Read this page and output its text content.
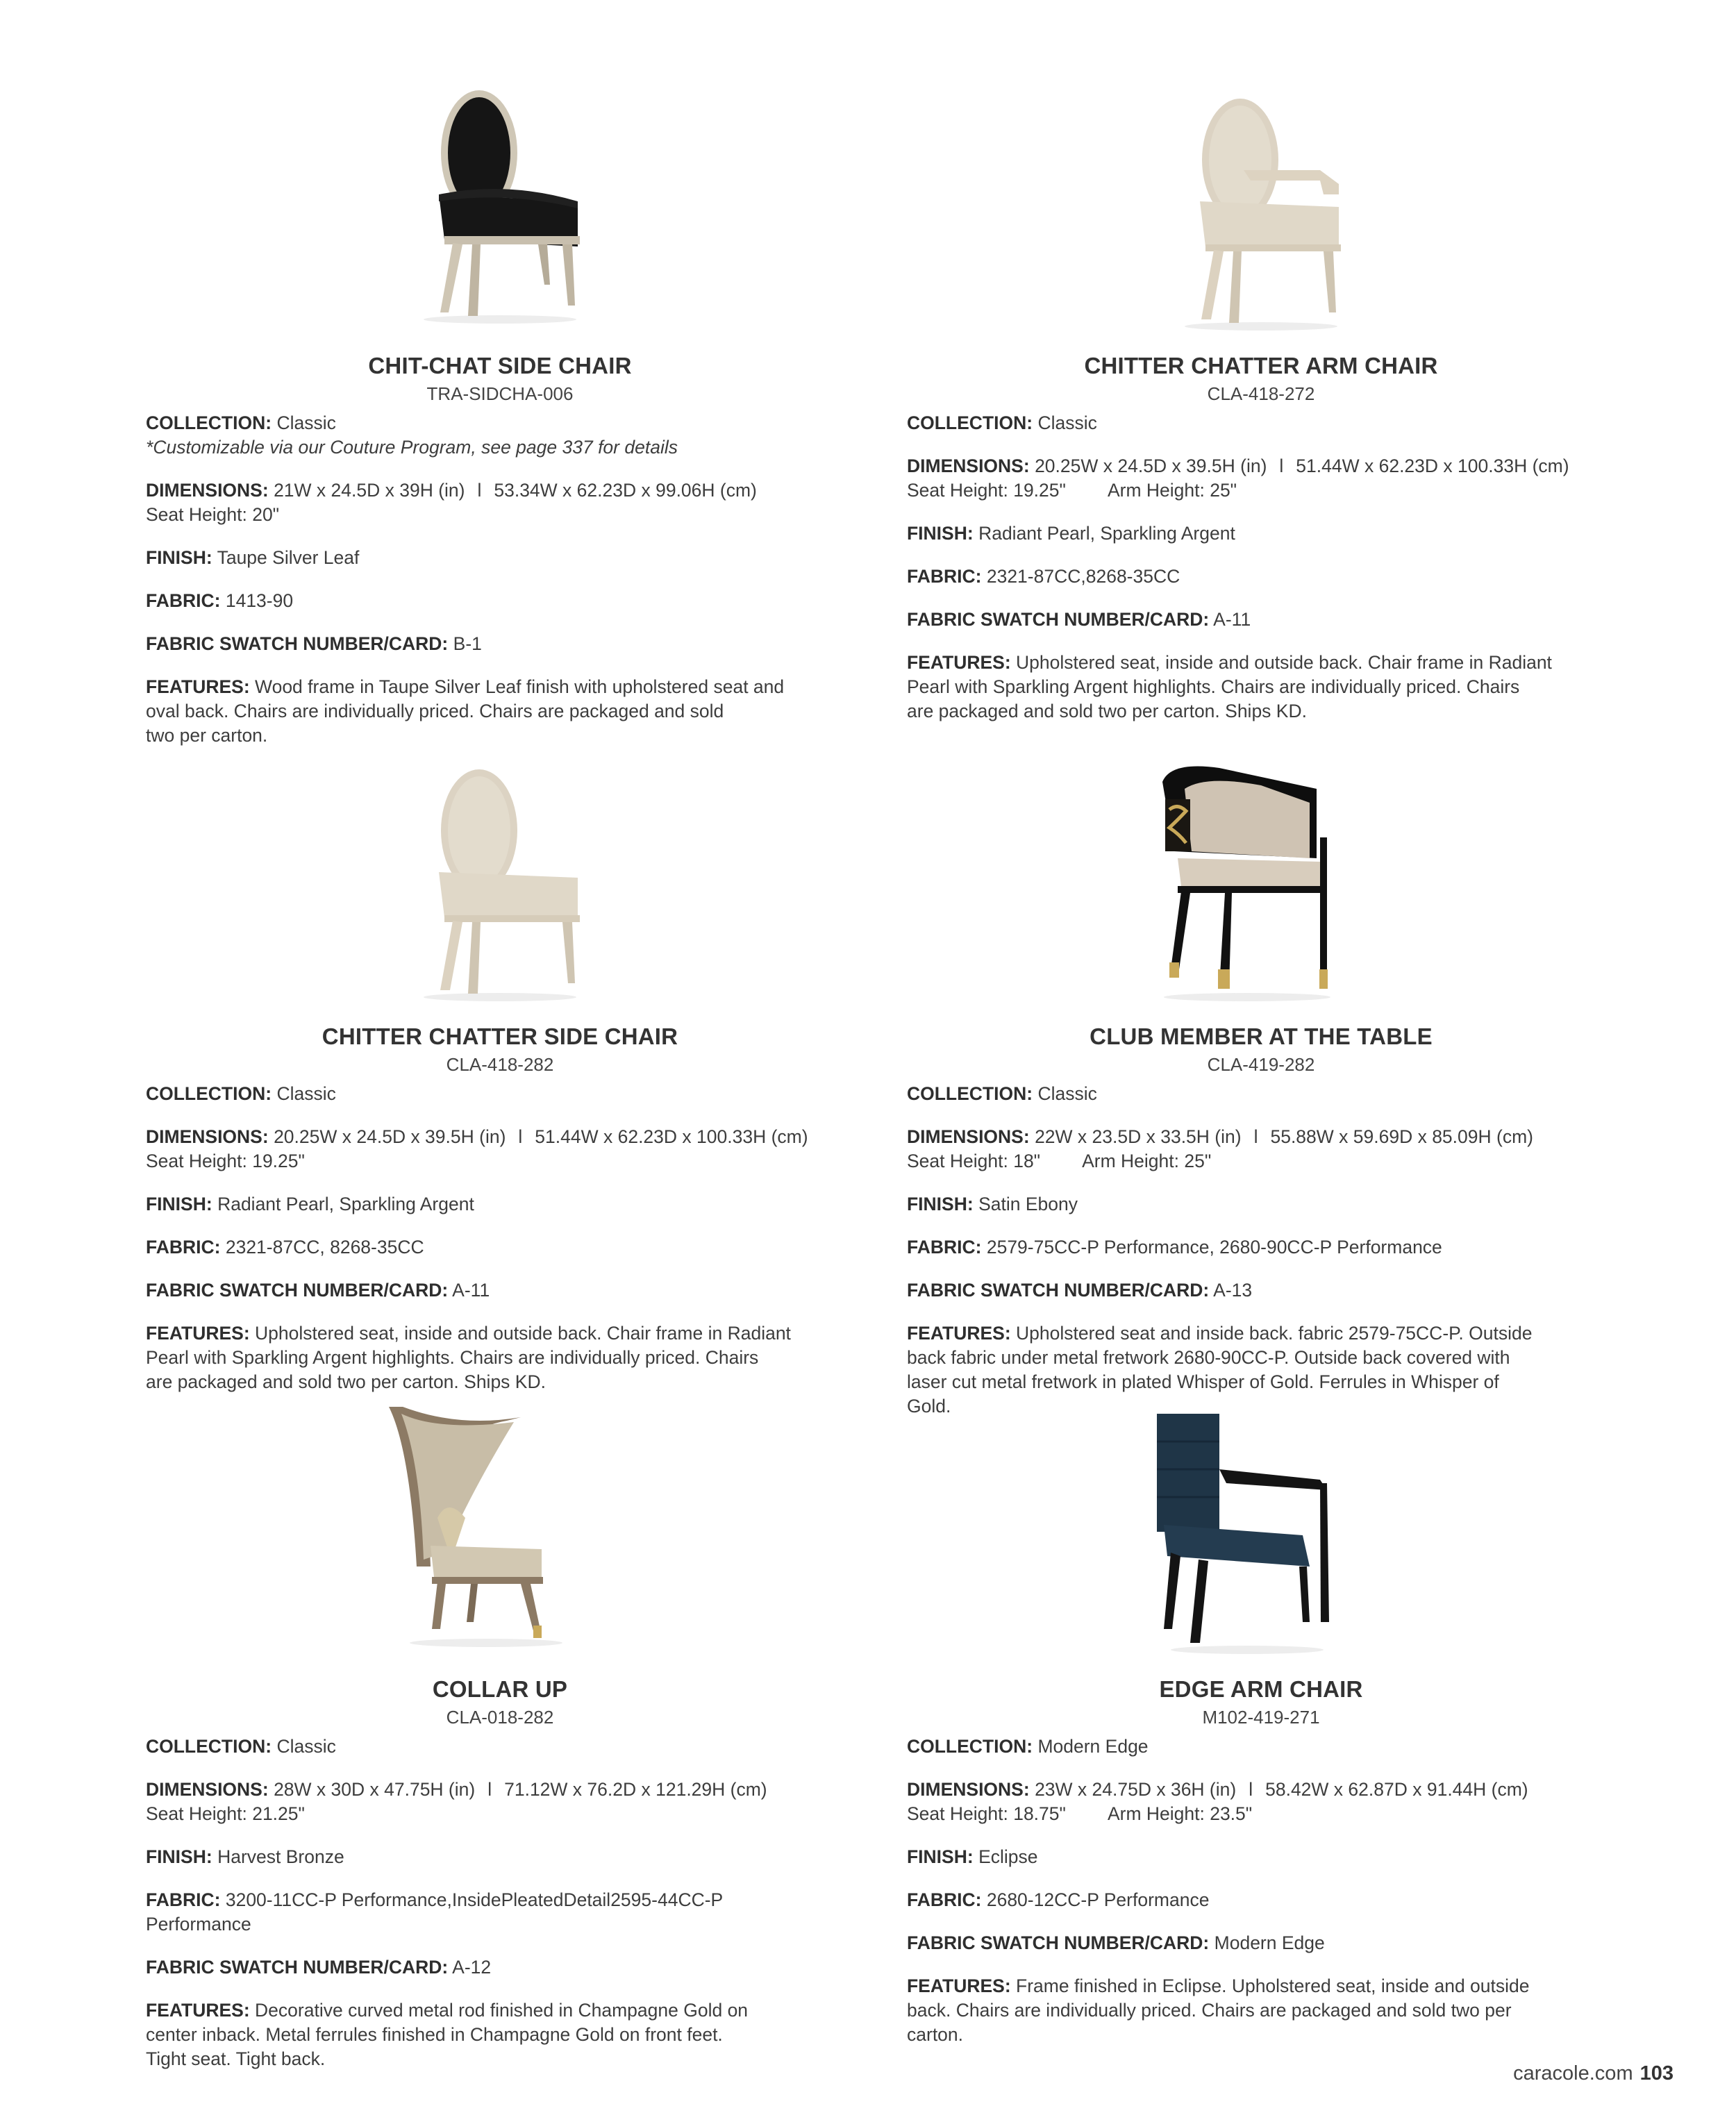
CHIT-CHAT SIDE CHAIR
TRA-SIDCHA-006

COLLECTION: Classic

*Customizable via our Couture Program, see page 337 for details

DIMENSIONS: 21W x 24.5D x 39H (in) l 53.34W x 62.23D x 99.06H (cm)

Seat Height: 20"

FINISH: Taupe Silver Leaf

FABRIC: 1413-90

FABRIC SWATCH NUMBER/CARD: B-1

FEATURES: Wood frame in Taupe Silver Leaf finish with upholstered seat and

oval back. Chairs are individually priced. Chairs are packaged and sold

two per carton.

CHITTER CHATTER ARM CHAIR
CLA-418-272

COLLECTION: Classic

DIMENSIONS: 20.25W x 24.5D x 39.5H (in) l 51.44W x 62.23D x 100.33H (cm)

Seat Height: 19.25" Arm Height: 25"

FINISH: Radiant Pearl, Sparkling Argent

FABRIC: 2321-87CC,8268-35CC

FABRIC SWATCH NUMBER/CARD: A-11

FEATURES: Upholstered seat, inside and outside back. Chair frame in Radiant

Pearl with Sparkling Argent highlights. Chairs are individually priced. Chairs

are packaged and sold two per carton. Ships KD.

CHITTER CHATTER SIDE CHAIR
CLA-418-282

COLLECTION: Classic

DIMENSIONS: 20.25W x 24.5D x 39.5H (in) l 51.44W x 62.23D x 100.33H (cm)

Seat Height: 19.25"

FINISH: Radiant Pearl, Sparkling Argent

FABRIC: 2321-87CC, 8268-35CC

FABRIC SWATCH NUMBER/CARD: A-11

FEATURES: Upholstered seat, inside and outside back. Chair frame in Radiant

Pearl with Sparkling Argent highlights. Chairs are individually priced. Chairs

are packaged and sold two per carton. Ships KD.

CLUB MEMBER AT THE TABLE
CLA-419-282

COLLECTION: Classic

DIMENSIONS: 22W x 23.5D x 33.5H (in) l 55.88W x 59.69D x 85.09H (cm)

Seat Height: 18" Arm Height: 25"

FINISH: Satin Ebony

FABRIC: 2579-75CC-P Performance, 2680-90CC-P Performance

FABRIC SWATCH NUMBER/CARD: A-13

FEATURES: Upholstered seat and inside back. fabric 2579-75CC-P. Outside

back fabric under metal fretwork 2680-90CC-P. Outside back covered with

laser cut metal fretwork in plated Whisper of Gold. Ferrules in Whisper of

Gold.

COLLAR UP
CLA-018-282

COLLECTION: Classic

DIMENSIONS: 28W x 30D x 47.75H (in) l 71.12W x 76.2D x 121.29H (cm)

Seat Height: 21.25"

FINISH: Harvest Bronze

FABRIC: 3200-11CC-P Performance,InsidePleatedDetail2595-44CC-P

Performance

FABRIC SWATCH NUMBER/CARD: A-12

FEATURES: Decorative curved metal rod finished in Champagne Gold on

center inback. Metal ferrules finished in Champagne Gold on front feet.

Tight seat. Tight back.

EDGE ARM CHAIR
M102-419-271

COLLECTION: Modern Edge

DIMENSIONS: 23W x 24.75D x 36H (in) l 58.42W x 62.87D x 91.44H (cm)

Seat Height: 18.75" Arm Height: 23.5"

FINISH: Eclipse

FABRIC: 2680-12CC-P Performance

FABRIC SWATCH NUMBER/CARD: Modern Edge

FEATURES: Frame finished in Eclipse. Upholstered seat, inside and outside

back. Chairs are individually priced. Chairs are packaged and sold two per

carton.

caracole.com 103
